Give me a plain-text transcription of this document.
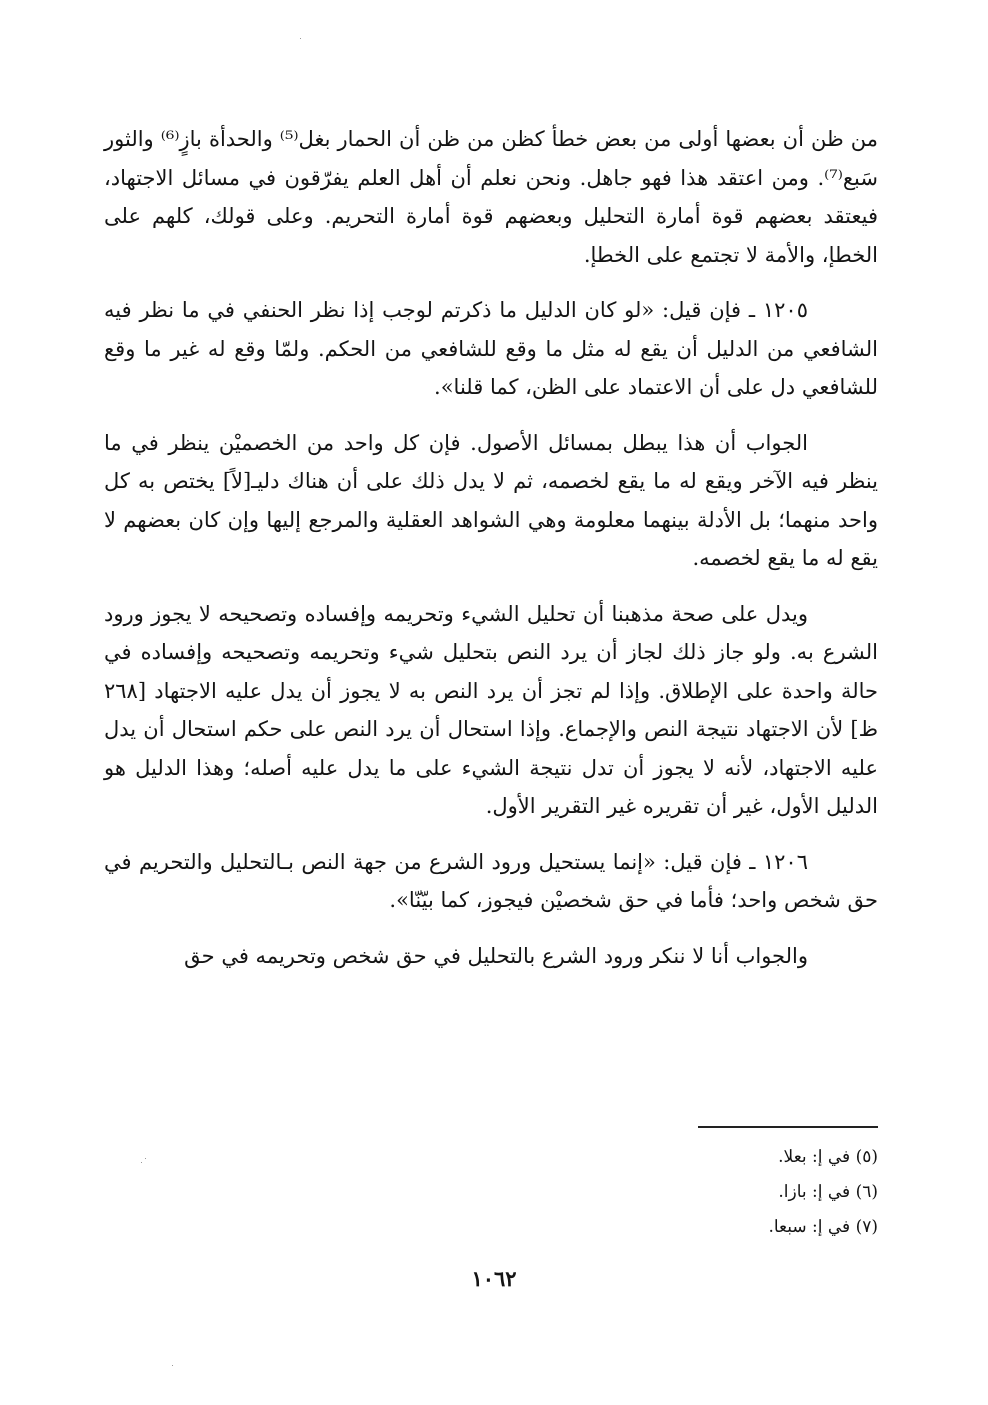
من ظن أن بعضها أولى من بعض خطأ كظن من ظن أن الحمار بغل⁽⁵⁾ والحدأة بازٍ⁽⁶⁾ والثور سَبع⁽⁷⁾. ومن اعتقد هذا فهو جاهل. ونحن نعلم أن أهل العلم يفرّقون في مسائل الاجتهاد، فيعتقد بعضهم قوة أمارة التحليل وبعضهم قوة أمارة التحريم. وعلى قولك، كلهم على الخطإ، والأمة لا تجتمع على الخطإ.

١٢٠٥ ـ فإن قيل: «لو كان الدليل ما ذكرتم لوجب إذا نظر الحنفي في ما نظر فيه الشافعي من الدليل أن يقع له مثل ما وقع للشافعي من الحكم. ولمّا وقع له غير ما وقع للشافعي دل على أن الاعتماد على الظن، كما قلنا».

الجواب أن هذا يبطل بمسائل الأصول. فإن كل واحد من الخصميْن ينظر في ما ينظر فيه الآخر ويقع له ما يقع لخصمه، ثم لا يدل ذلك على أن هناك دليـ[لاً] يختص به كل واحد منهما؛ بل الأدلة بينهما معلومة وهي الشواهد العقلية والمرجع إليها وإن كان بعضهم لا يقع له ما يقع لخصمه.

ويدل على صحة مذهبنا أن تحليل الشيء وتحريمه وإفساده وتصحيحه لا يجوز ورود الشرع به. ولو جاز ذلك لجاز أن يرد النص بتحليل شيء وتحريمه وتصحيحه وإفساده في حالة واحدة على الإطلاق. وإذا لم تجز أن يرد النص به لا يجوز أن يدل عليه الاجتهاد [٢٦٨ ظ] لأن الاجتهاد نتيجة النص والإجماع. وإذا استحال أن يرد النص على حكم استحال أن يدل عليه الاجتهاد، لأنه لا يجوز أن تدل نتيجة الشيء على ما يدل عليه أصله؛ وهذا الدليل هو الدليل الأول، غير أن تقريره غير التقرير الأول.

١٢٠٦ ـ فإن قيل: «إنما يستحيل ورود الشرع من جهة النص بـالتحليل والتحريم في حق شخص واحد؛ فأما في حق شخصيْن فيجوز، كما بيّنّا».

والجواب أنا لا ننكر ورود الشرع بالتحليل في حق شخص وتحريمه في حق

(٥) في إ: بعلا.

(٦) في إ: بازا.

(٧) في إ: سبعا.

١٠٦٢
